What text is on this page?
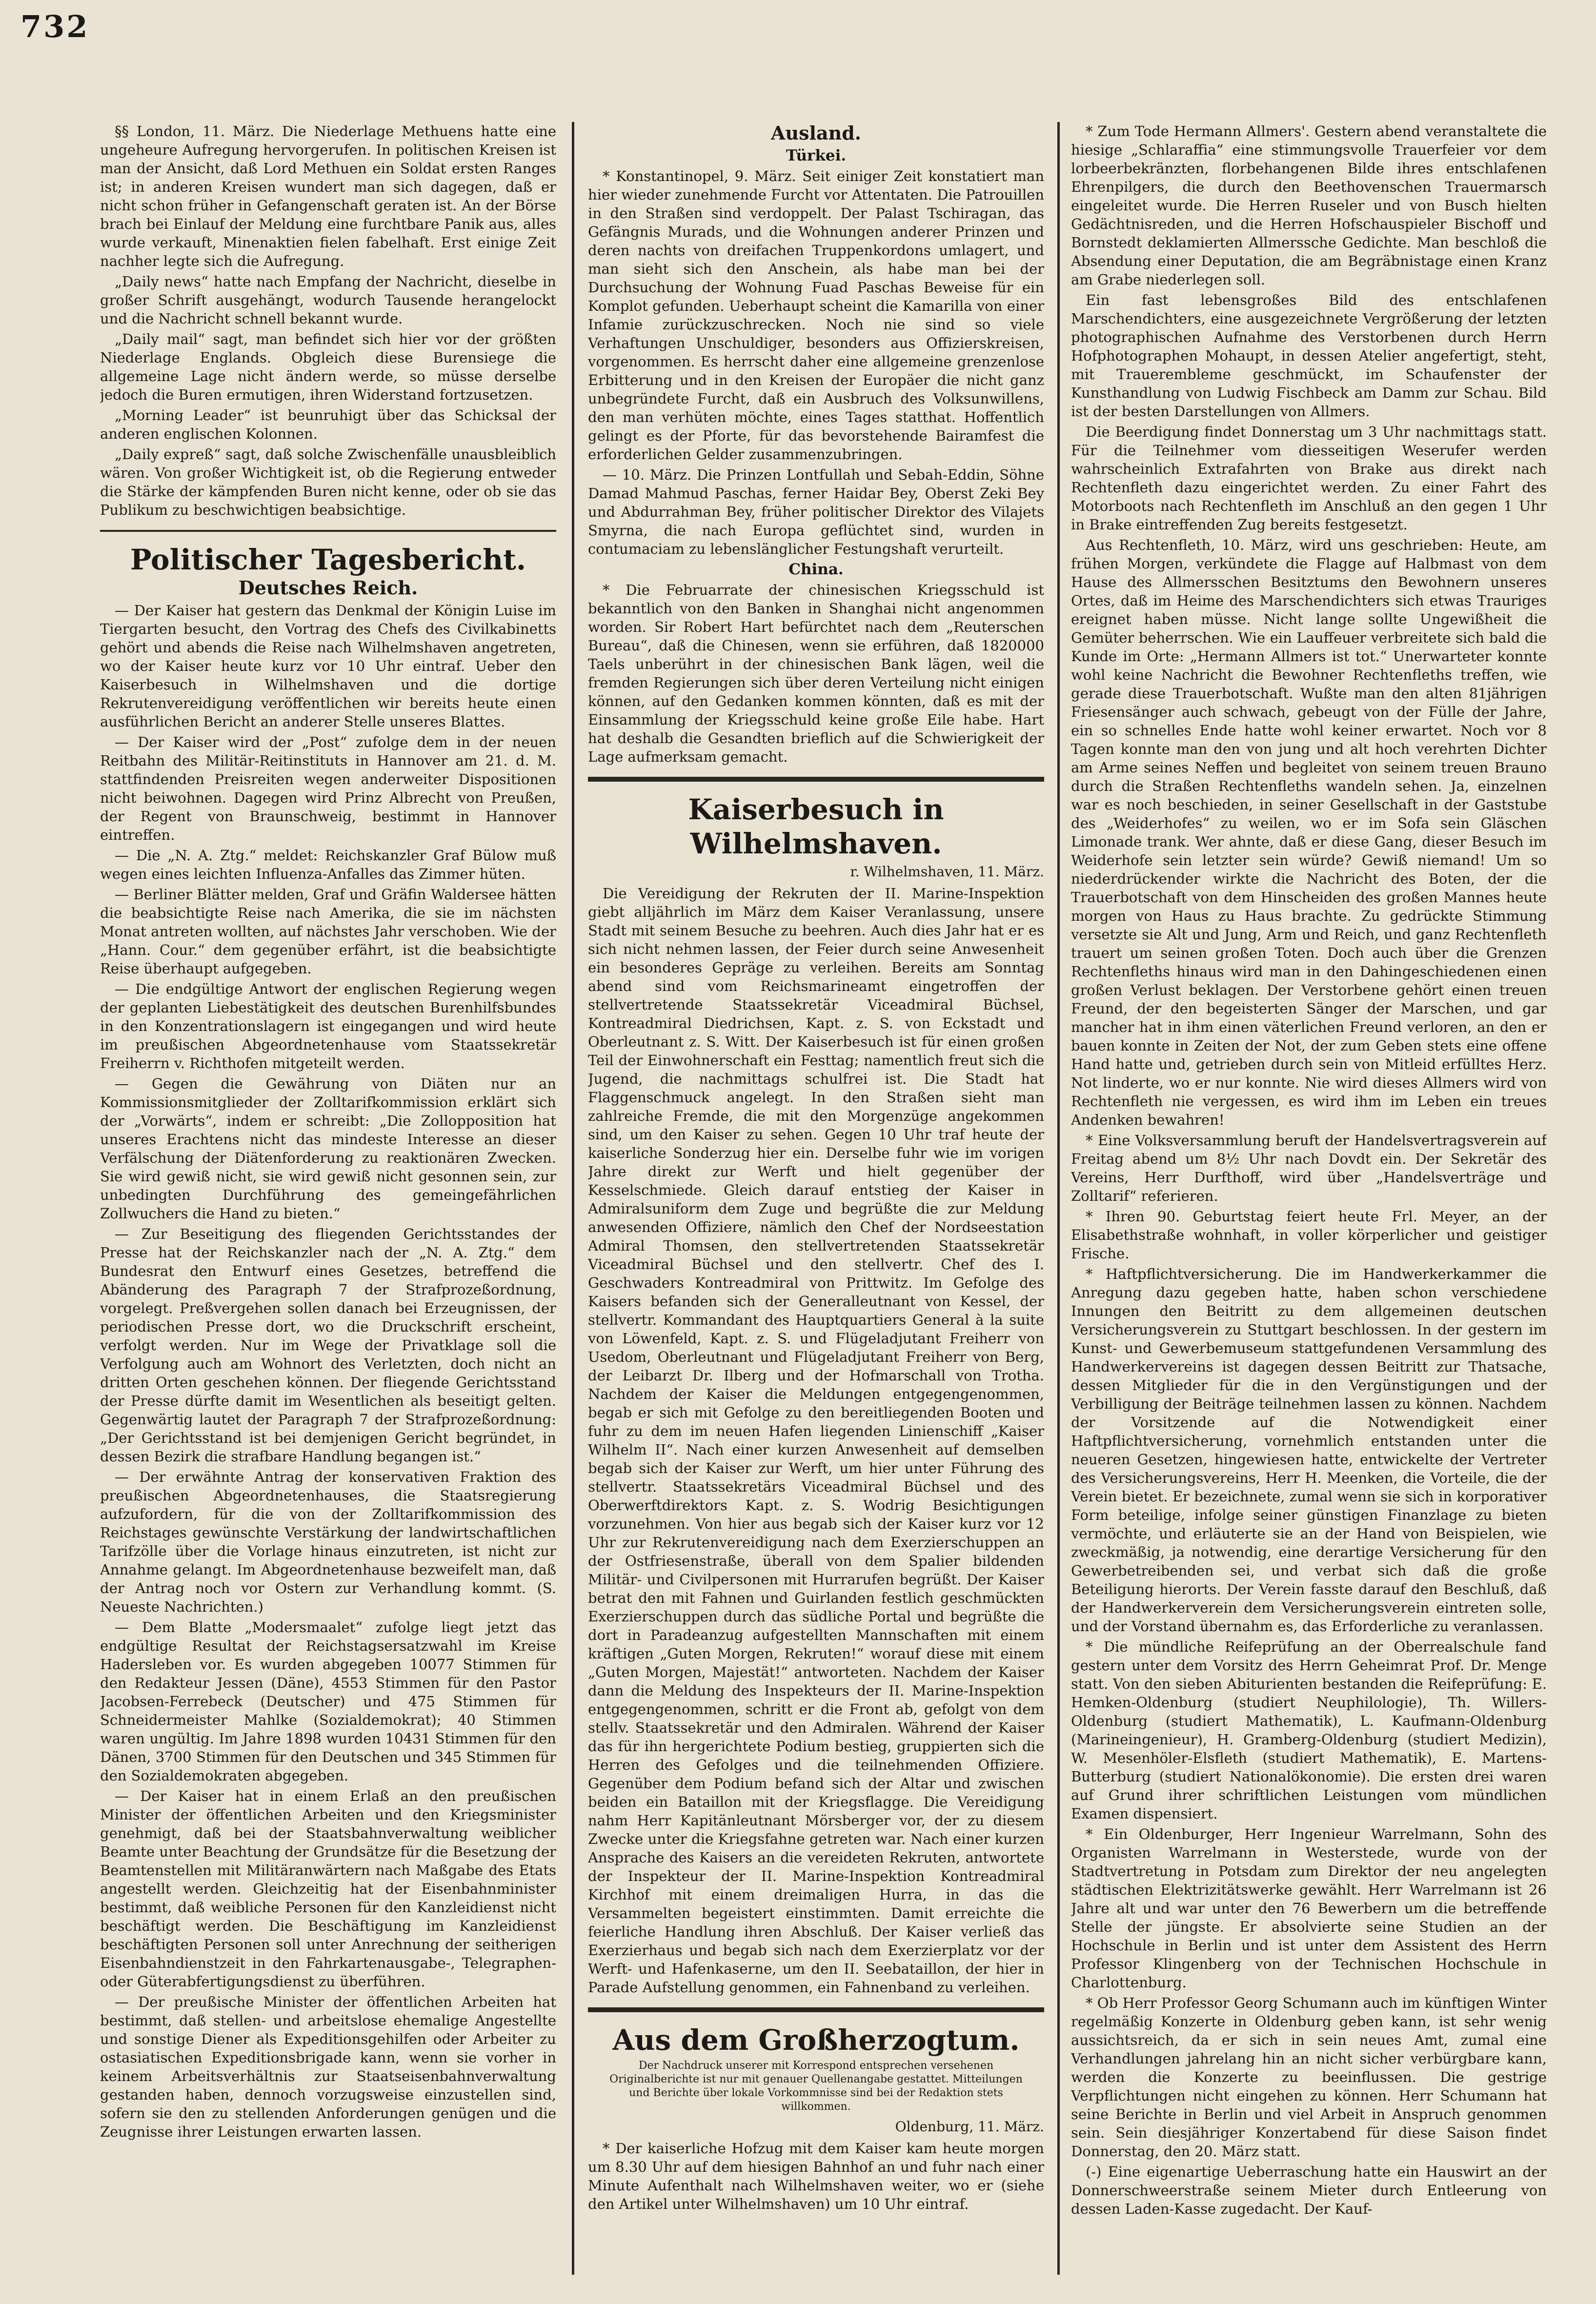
732

§§ London, 11. März. Die Niederlage Methuens hatte eine ungeheure Aufregung hervorgerufen. In politischen Kreisen ist man der Ansicht, daß Lord Methuen ein Soldat ersten Ranges ist; in anderen Kreisen wundert man sich dagegen, daß er nicht schon früher in Gefangenschaft geraten ist. An der Börse brach bei Einlauf der Meldung eine furchtbare Panik aus, alles wurde verkauft, Minenaktien fielen fabelhaft. Erst einige Zeit nachher legte sich die Aufregung.

„Daily news“ hatte nach Empfang der Nachricht, dieselbe in großer Schrift ausgehängt, wodurch Tausende herangelockt und die Nachricht schnell bekannt wurde.

„Daily mail“ sagt, man befindet sich hier vor der größten Niederlage Englands. Obgleich diese Burensiege die allgemeine Lage nicht ändern werde, so müsse derselbe jedoch die Buren ermutigen, ihren Widerstand fortzusetzen.

„Morning Leader“ ist beunruhigt über das Schicksal der anderen englischen Kolonnen.

„Daily expreß“ sagt, daß solche Zwischenfälle unausbleiblich wären. Von großer Wichtigkeit ist, ob die Regierung entweder die Stärke der kämpfenden Buren nicht kenne, oder ob sie das Publikum zu beschwichtigen beabsichtige.

Politischer Tagesbericht.
Deutsches Reich.

— Der Kaiser hat gestern das Denkmal der Königin Luise im Tiergarten besucht, den Vortrag des Chefs des Civilkabinetts gehört und abends die Reise nach Wilhelmshaven angetreten, wo der Kaiser heute kurz vor 10 Uhr eintraf. Ueber den Kaiserbesuch in Wilhelmshaven und die dortige Rekrutenvereidigung veröffentlichen wir bereits heute einen ausführlichen Bericht an anderer Stelle unseres Blattes.

— Der Kaiser wird der „Post“ zufolge dem in der neuen Reitbahn des Militär-Reitinstituts in Hannover am 21. d. M. stattfindenden Preisreiten wegen anderweiter Dispositionen nicht beiwohnen. Dagegen wird Prinz Albrecht von Preußen, der Regent von Braunschweig, bestimmt in Hannover eintreffen.

— Die „N. A. Ztg.“ meldet: Reichskanzler Graf Bülow muß wegen eines leichten Influenza-Anfalles das Zimmer hüten.

— Berliner Blätter melden, Graf und Gräfin Waldersee hätten die beabsichtigte Reise nach Amerika, die sie im nächsten Monat antreten wollten, auf nächstes Jahr verschoben. Wie der „Hann. Cour.“ dem gegenüber erfährt, ist die beabsichtigte Reise überhaupt aufgegeben.

— Die endgültige Antwort der englischen Regierung wegen der geplanten Liebestätigkeit des deutschen Burenhilfsbundes in den Konzentrationslagern ist eingegangen und wird heute im preußischen Abgeordnetenhause vom Staatssekretär Freiherrn v. Richthofen mitgeteilt werden.

— Gegen die Gewährung von Diäten nur an Kommissionsmitglieder der Zolltarifkommission erklärt sich der „Vorwärts“, indem er schreibt: „Die Zollopposition hat unseres Erachtens nicht das mindeste Interesse an dieser Verfälschung der Diätenforderung zu reaktionären Zwecken. Sie wird gewiß nicht, sie wird gewiß nicht gesonnen sein, zur unbedingten Durchführung des gemeingefährlichen Zollwuchers die Hand zu bieten.“

— Zur Beseitigung des fliegenden Gerichtsstandes der Presse hat der Reichskanzler nach der „N. A. Ztg.“ dem Bundesrat den Entwurf eines Gesetzes, betreffend die Abänderung des Paragraph 7 der Strafprozeßordnung, vorgelegt. Preßvergehen sollen danach bei Erzeugnissen, der periodischen Presse dort, wo die Druckschrift erscheint, verfolgt werden. Nur im Wege der Privatklage soll die Verfolgung auch am Wohnort des Verletzten, doch nicht an dritten Orten geschehen können. Der fliegende Gerichtsstand der Presse dürfte damit im Wesentlichen als beseitigt gelten. Gegenwärtig lautet der Paragraph 7 der Strafprozeßordnung: „Der Gerichtsstand ist bei demjenigen Gericht begründet, in dessen Bezirk die strafbare Handlung begangen ist.“

— Der erwähnte Antrag der konservativen Fraktion des preußischen Abgeordnetenhauses, die Staatsregierung aufzufordern, für die von der Zolltarifkommission des Reichstages gewünschte Verstärkung der landwirtschaftlichen Tarifzölle über die Vorlage hinaus einzutreten, ist nicht zur Annahme gelangt. Im Abgeordnetenhause bezweifelt man, daß der Antrag noch vor Ostern zur Verhandlung kommt. (S. Neueste Nachrichten.)

— Dem Blatte „Modersmaalet“ zufolge liegt jetzt das endgültige Resultat der Reichstagsersatzwahl im Kreise Hadersleben vor. Es wurden abgegeben 10077 Stimmen für den Redakteur Jessen (Däne), 4553 Stimmen für den Pastor Jacobsen-Ferrebeck (Deutscher) und 475 Stimmen für Schneidermeister Mahlke (Sozialdemokrat); 40 Stimmen waren ungültig. Im Jahre 1898 wurden 10431 Stimmen für den Dänen, 3700 Stimmen für den Deutschen und 345 Stimmen für den Sozialdemokraten abgegeben.

— Der Kaiser hat in einem Erlaß an den preußischen Minister der öffentlichen Arbeiten und den Kriegsminister genehmigt, daß bei der Staatsbahnverwaltung weiblicher Beamte unter Beachtung der Grundsätze für die Besetzung der Beamtenstellen mit Militäranwärtern nach Maßgabe des Etats angestellt werden. Gleichzeitig hat der Eisenbahnminister bestimmt, daß weibliche Personen für den Kanzleidienst nicht beschäftigt werden. Die Beschäftigung im Kanzleidienst beschäftigten Personen soll unter Anrechnung der seitherigen Eisenbahndienstzeit in den Fahrkartenausgabe-, Telegraphen- oder Güterabfertigungsdienst zu überführen.

— Der preußische Minister der öffentlichen Arbeiten hat bestimmt, daß stellen- und arbeitslose ehemalige Angestellte und sonstige Diener als Expeditionsgehilfen oder Arbeiter zu ostasiatischen Expeditionsbrigade kann, wenn sie vorher in keinem Arbeitsverhältnis zur Staatseisenbahnverwaltung gestanden haben, dennoch vorzugsweise einzustellen sind, sofern sie den zu stellenden Anforderungen genügen und die Zeugnisse ihrer Leistungen erwarten lassen.

Ausland.
Türkei.

* Konstantinopel, 9. März. Seit einiger Zeit konstatiert man hier wieder zunehmende Furcht vor Attentaten. Die Patrouillen in den Straßen sind verdoppelt. Der Palast Tschiragan, das Gefängnis Murads, und die Wohnungen anderer Prinzen und deren nachts von dreifachen Truppenkordons umlagert, und man sieht sich den Anschein, als habe man bei der Durchsuchung der Wohnung Fuad Paschas Beweise für ein Komplot gefunden. Ueberhaupt scheint die Kamarilla von einer Infamie zurückzuschrecken. Noch nie sind so viele Verhaftungen Unschuldiger, besonders aus Offizierskreisen, vorgenommen. Es herrscht daher eine allgemeine grenzenlose Erbitterung und in den Kreisen der Europäer die nicht ganz unbegründete Furcht, daß ein Ausbruch des Volksunwillens, den man verhüten möchte, eines Tages statthat. Hoffentlich gelingt es der Pforte, für das bevorstehende Bairamfest die erforderlichen Gelder zusammenzubringen.

— 10. März. Die Prinzen Lontfullah und Sebah-Eddin, Söhne Damad Mahmud Paschas, ferner Haidar Bey, Oberst Zeki Bey und Abdurrahman Bey, früher politischer Direktor des Vilajets Smyrna, die nach Europa geflüchtet sind, wurden in contumaciam zu lebenslänglicher Festungshaft verurteilt.

China.

* Die Februarrate der chinesischen Kriegsschuld ist bekanntlich von den Banken in Shanghai nicht angenommen worden. Sir Robert Hart befürchtet nach dem „Reuterschen Bureau“, daß die Chinesen, wenn sie erführen, daß 1820000 Taels unberührt in der chinesischen Bank lägen, weil die fremden Regierungen sich über deren Verteilung nicht einigen können, auf den Gedanken kommen könnten, daß es mit der Einsammlung der Kriegsschuld keine große Eile habe. Hart hat deshalb die Gesandten brieflich auf die Schwierigkeit der Lage aufmerksam gemacht.

Kaiserbesuch in Wilhelmshaven.
r. Wilhelmshaven, 11. März.

Die Vereidigung der Rekruten der II. Marine-Inspektion giebt alljährlich im März dem Kaiser Veranlassung, unsere Stadt mit seinem Besuche zu beehren. Auch dies Jahr hat er es sich nicht nehmen lassen, der Feier durch seine Anwesenheit ein besonderes Gepräge zu verleihen. Bereits am Sonntag abend sind vom Reichsmarineamt eingetroffen der stellvertretende Staatssekretär Viceadmiral Büchsel, Kontreadmiral Diedrichsen, Kapt. z. S. von Eckstadt und Oberleutnant z. S. Witt. Der Kaiserbesuch ist für einen großen Teil der Einwohnerschaft ein Festtag; namentlich freut sich die Jugend, die nachmittags schulfrei ist. Die Stadt hat Flaggenschmuck angelegt. In den Straßen sieht man zahlreiche Fremde, die mit den Morgenzüge angekommen sind, um den Kaiser zu sehen. Gegen 10 Uhr traf heute der kaiserliche Sonderzug hier ein. Derselbe fuhr wie im vorigen Jahre direkt zur Werft und hielt gegenüber der Kesselschmiede. Gleich darauf entstieg der Kaiser in Admiralsuniform dem Zuge und begrüßte die zur Meldung anwesenden Offiziere, nämlich den Chef der Nordseestation Admiral Thomsen, den stellvertretenden Staatssekretär Viceadmiral Büchsel und den stellvertr. Chef des I. Geschwaders Kontreadmiral von Prittwitz. Im Gefolge des Kaisers befanden sich der Generalleutnant von Kessel, der stellvertr. Kommandant des Hauptquartiers General à la suite von Löwenfeld, Kapt. z. S. und Flügeladjutant Freiherr von Usedom, Oberleutnant und Flügeladjutant Freiherr von Berg, der Leibarzt Dr. Ilberg und der Hofmarschall von Trotha. Nachdem der Kaiser die Meldungen entgegengenommen, begab er sich mit Gefolge zu den bereitliegenden Booten und fuhr zu dem im neuen Hafen liegenden Linienschiff „Kaiser Wilhelm II“. Nach einer kurzen Anwesenheit auf demselben begab sich der Kaiser zur Werft, um hier unter Führung des stellvertr. Staatssekretärs Viceadmiral Büchsel und des Oberwerftdirektors Kapt. z. S. Wodrig Besichtigungen vorzunehmen. Von hier aus begab sich der Kaiser kurz vor 12 Uhr zur Rekrutenvereidigung nach dem Exerzierschuppen an der Ostfriesenstraße, überall von dem Spalier bildenden Militär- und Civilpersonen mit Hurrarufen begrüßt. Der Kaiser betrat den mit Fahnen und Guirlanden festlich geschmückten Exerzierschuppen durch das südliche Portal und begrüßte die dort in Paradeanzug aufgestellten Mannschaften mit einem kräftigen „Guten Morgen, Rekruten!“ worauf diese mit einem „Guten Morgen, Majestät!“ antworteten. Nachdem der Kaiser dann die Meldung des Inspekteurs der II. Marine-Inspektion entgegengenommen, schritt er die Front ab, gefolgt von dem stellv. Staatssekretär und den Admiralen. Während der Kaiser das für ihn hergerichtete Podium bestieg, gruppierten sich die Herren des Gefolges und die teilnehmenden Offiziere. Gegenüber dem Podium befand sich der Altar und zwischen beiden ein Bataillon mit der Kriegsflagge. Die Vereidigung nahm Herr Kapitänleutnant Mörsberger vor, der zu diesem Zwecke unter die Kriegsfahne getreten war. Nach einer kurzen Ansprache des Kaisers an die vereideten Rekruten, antwortete der Inspekteur der II. Marine-Inspektion Kontreadmiral Kirchhof mit einem dreimaligen Hurra, in das die Versammelten begeistert einstimmten. Damit erreichte die feierliche Handlung ihren Abschluß. Der Kaiser verließ das Exerzierhaus und begab sich nach dem Exerzierplatz vor der Werft- und Hafenkaserne, um den II. Seebataillon, der hier in Parade Aufstellung genommen, ein Fahnenband zu verleihen.

Aus dem Großherzogtum.
Der Nachdruck unserer mit Korrespond entsprechen versehenen Originalberichte ist nur mit genauer Quellenangabe gestattet. Mitteilungen und Berichte über lokale Vorkommnisse sind bei der Redaktion stets willkommen.
Oldenburg, 11. März.

* Der kaiserliche Hofzug mit dem Kaiser kam heute morgen um 8.30 Uhr auf dem hiesigen Bahnhof an und fuhr nach einer Minute Aufenthalt nach Wilhelmshaven weiter, wo er (siehe den Artikel unter Wilhelmshaven) um 10 Uhr eintraf.

* Zum Tode Hermann Allmers'. Gestern abend veranstaltete die hiesige „Schlaraffia“ eine stimmungsvolle Trauerfeier vor dem lorbeerbekränzten, florbehangenen Bilde ihres entschlafenen Ehrenpilgers, die durch den Beethovenschen Trauermarsch eingeleitet wurde. Die Herren Ruseler und von Busch hielten Gedächtnisreden, und die Herren Hofschauspieler Bischoff und Bornstedt deklamierten Allmerssche Gedichte. Man beschloß die Absendung einer Deputation, die am Begräbnistage einen Kranz am Grabe niederlegen soll.

Ein fast lebensgroßes Bild des entschlafenen Marschendichters, eine ausgezeichnete Vergrößerung der letzten photographischen Aufnahme des Verstorbenen durch Herrn Hofphotographen Mohaupt, in dessen Atelier angefertigt, steht, mit Trauerembleme geschmückt, im Schaufenster der Kunsthandlung von Ludwig Fischbeck am Damm zur Schau. Bild ist der besten Darstellungen von Allmers.

Die Beerdigung findet Donnerstag um 3 Uhr nachmittags statt. Für die Teilnehmer vom diesseitigen Weserufer werden wahrscheinlich Extrafahrten von Brake aus direkt nach Rechtenfleth dazu eingerichtet werden. Zu einer Fahrt des Motorboots nach Rechtenfleth im Anschluß an den gegen 1 Uhr in Brake eintreffenden Zug bereits festgesetzt.

Aus Rechtenfleth, 10. März, wird uns geschrieben: Heute, am frühen Morgen, verkündete die Flagge auf Halbmast von dem Hause des Allmersschen Besitztums den Bewohnern unseres Ortes, daß im Heime des Marschendichters sich etwas Trauriges ereignet haben müsse. Nicht lange sollte Ungewißheit die Gemüter beherrschen. Wie ein Lauffeuer verbreitete sich bald die Kunde im Orte: „Hermann Allmers ist tot.“ Unerwarteter konnte wohl keine Nachricht die Bewohner Rechtenfleths treffen, wie gerade diese Trauerbotschaft. Wußte man den alten 81jährigen Friesensänger auch schwach, gebeugt von der Fülle der Jahre, ein so schnelles Ende hatte wohl keiner erwartet. Noch vor 8 Tagen konnte man den von jung und alt hoch verehrten Dichter am Arme seines Neffen und begleitet von seinem treuen Brauno durch die Straßen Rechtenfleths wandeln sehen. Ja, einzelnen war es noch beschieden, in seiner Gesellschaft in der Gaststube des „Weiderhofes“ zu weilen, wo er im Sofa sein Gläschen Limonade trank. Wer ahnte, daß er diese Gang, dieser Besuch im Weiderhofe sein letzter sein würde? Gewiß niemand! Um so niederdrückender wirkte die Nachricht des Boten, der die Trauerbotschaft von dem Hinscheiden des großen Mannes heute morgen von Haus zu Haus brachte. Zu gedrückte Stimmung versetzte sie Alt und Jung, Arm und Reich, und ganz Rechtenfleth trauert um seinen großen Toten. Doch auch über die Grenzen Rechtenfleths hinaus wird man in den Dahingeschiedenen einen großen Verlust beklagen. Der Verstorbene gehört einen treuen Freund, der den begeisterten Sänger der Marschen, und gar mancher hat in ihm einen väterlichen Freund verloren, an den er bauen konnte in Zeiten der Not, der zum Geben stets eine offene Hand hatte und, getrieben durch sein von Mitleid erfülltes Herz. Not linderte, wo er nur konnte. Nie wird dieses Allmers wird von Rechtenfleth nie vergessen, es wird ihm im Leben ein treues Andenken bewahren!

* Eine Volksversammlung beruft der Handelsvertragsverein auf Freitag abend um 8½ Uhr nach Dovdt ein. Der Sekretär des Vereins, Herr Durfthoff, wird über „Handelsverträge und Zolltarif“ referieren.

* Ihren 90. Geburtstag feiert heute Frl. Meyer, an der Elisabethstraße wohnhaft, in voller körperlicher und geistiger Frische.

* Haftpflichtversicherung. Die im Handwerkerkammer die Anregung dazu gegeben hatte, haben schon verschiedene Innungen den Beitritt zu dem allgemeinen deutschen Versicherungsverein zu Stuttgart beschlossen. In der gestern im Kunst- und Gewerbemuseum stattgefundenen Versammlung des Handwerkervereins ist dagegen dessen Beitritt zur Thatsache, dessen Mitglieder für die in den Vergünstigungen und der Verbilligung der Beiträge teilnehmen lassen zu können. Nachdem der Vorsitzende auf die Notwendigkeit einer Haftpflichtversicherung, vornehmlich entstanden unter die neueren Gesetzen, hingewiesen hatte, entwickelte der Vertreter des Versicherungsvereins, Herr H. Meenken, die Vorteile, die der Verein bietet. Er bezeichnete, zumal wenn sie sich in korporativer Form beteilige, infolge seiner günstigen Finanzlage zu bieten vermöchte, und erläuterte sie an der Hand von Beispielen, wie zweckmäßig, ja notwendig, eine derartige Versicherung für den Gewerbetreibenden sei, und verbat sich daß die große Beteiligung hierorts. Der Verein fasste darauf den Beschluß, daß der Handwerkerverein dem Versicherungsverein eintreten solle, und der Vorstand übernahm es, das Erforderliche zu veranlassen.

* Die mündliche Reifeprüfung an der Oberrealschule fand gestern unter dem Vorsitz des Herrn Geheimrat Prof. Dr. Menge statt. Von den sieben Abiturienten bestanden die Reifeprüfung: E. Hemken-Oldenburg (studiert Neuphilologie), Th. Willers-Oldenburg (studiert Mathematik), L. Kaufmann-Oldenburg (Marineingenieur), H. Gramberg-Oldenburg (studiert Medizin), W. Mesenhöler-Elsfleth (studiert Mathematik), E. Martens-Butterburg (studiert Nationalökonomie). Die ersten drei waren auf Grund ihrer schriftlichen Leistungen vom mündlichen Examen dispensiert.

* Ein Oldenburger, Herr Ingenieur Warrelmann, Sohn des Organisten Warrelmann in Westerstede, wurde von der Stadtvertretung in Potsdam zum Direktor der neu angelegten städtischen Elektrizitätswerke gewählt. Herr Warrelmann ist 26 Jahre alt und war unter den 76 Bewerbern um die betreffende Stelle der jüngste. Er absolvierte seine Studien an der Hochschule in Berlin und ist unter dem Assistent des Herrn Professor Klingenberg von der Technischen Hochschule in Charlottenburg.

* Ob Herr Professor Georg Schumann auch im künftigen Winter regelmäßig Konzerte in Oldenburg geben kann, ist sehr wenig aussichtsreich, da er sich in sein neues Amt, zumal eine Verhandlungen jahrelang hin an nicht sicher verbürgbare kann, werden die Konzerte zu beeinflussen. Die gestrige Verpflichtungen nicht eingehen zu können. Herr Schumann hat seine Berichte in Berlin und viel Arbeit in Anspruch genommen sein. Sein diesjähriger Konzertabend für diese Saison findet Donnerstag, den 20. März statt.

(-) Eine eigenartige Ueberraschung hatte ein Hauswirt an der Donnerschweerstraße seinem Mieter durch Entleerung von dessen Laden-Kasse zugedacht. Der Kauf-
